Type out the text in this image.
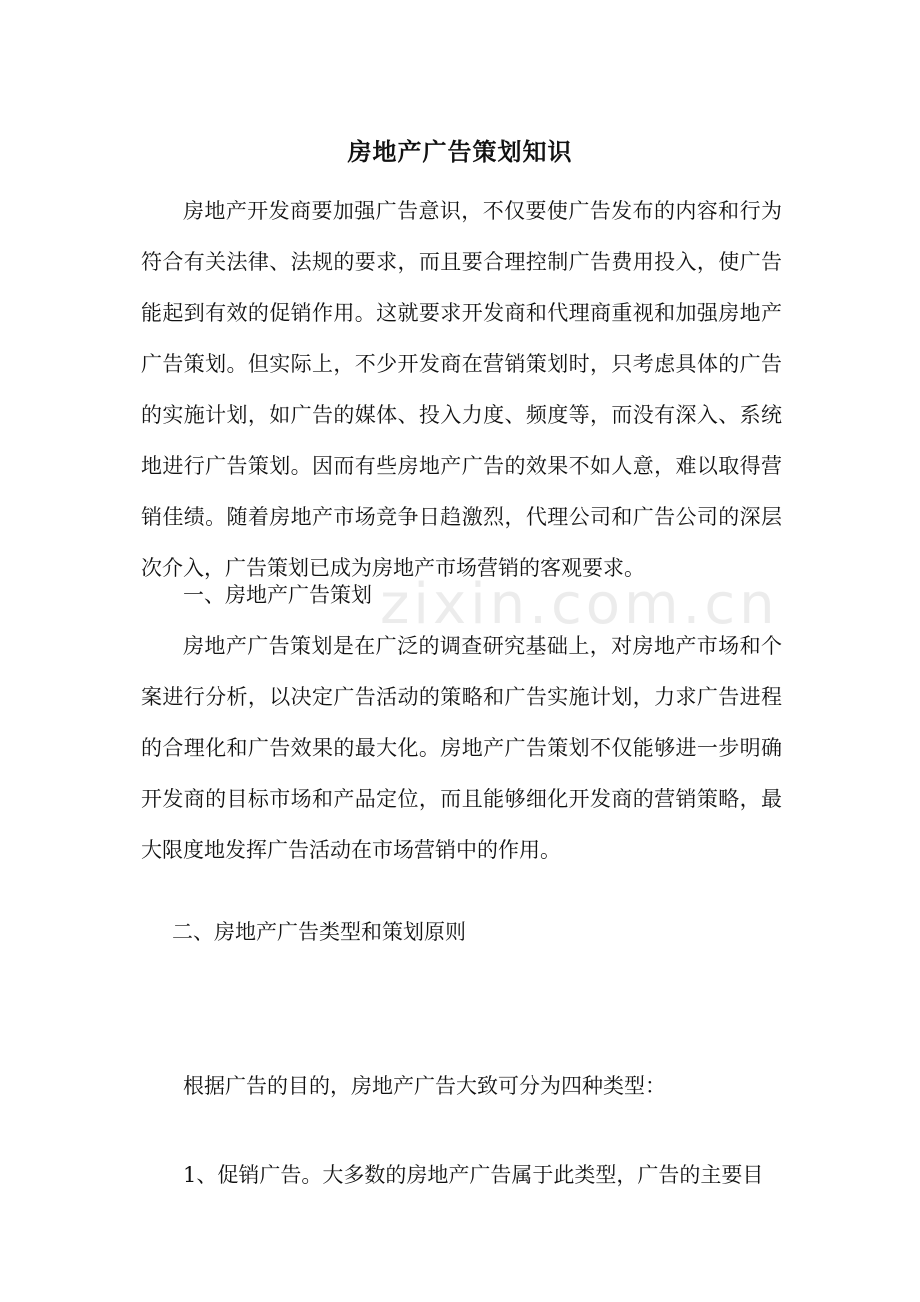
房地产广告策划知识

房地产开发商要加强广告意识，不仅要使广告发布的内容和行为符合有关法律、法规的要求，而且要合理控制广告费用投入，使广告能起到有效的促销作用。这就要求开发商和代理商重视和加强房地产广告策划。但实际上，不少开发商在营销策划时，只考虑具体的广告的实施计划，如广告的媒体、投入力度、频度等，而没有深入、系统地进行广告策划。因而有些房地产广告的效果不如人意，难以取得营销佳绩。随着房地产市场竞争日趋激烈，代理公司和广告公司的深层次介入，广告策划已成为房地产市场营销的客观要求。

一、房地产广告策划

房地产广告策划是在广泛的调查研究基础上，对房地产市场和个案进行分析，以决定广告活动的策略和广告实施计划，力求广告进程的合理化和广告效果的最大化。房地产广告策划不仅能够进一步明确开发商的目标市场和产品定位，而且能够细化开发商的营销策略，最大限度地发挥广告活动在市场营销中的作用。

二、房地产广告类型和策划原则

根据广告的目的，房地产广告大致可分为四种类型：

1、促销广告。大多数的房地产广告属于此类型，广告的主要目

zixin.com.cn
